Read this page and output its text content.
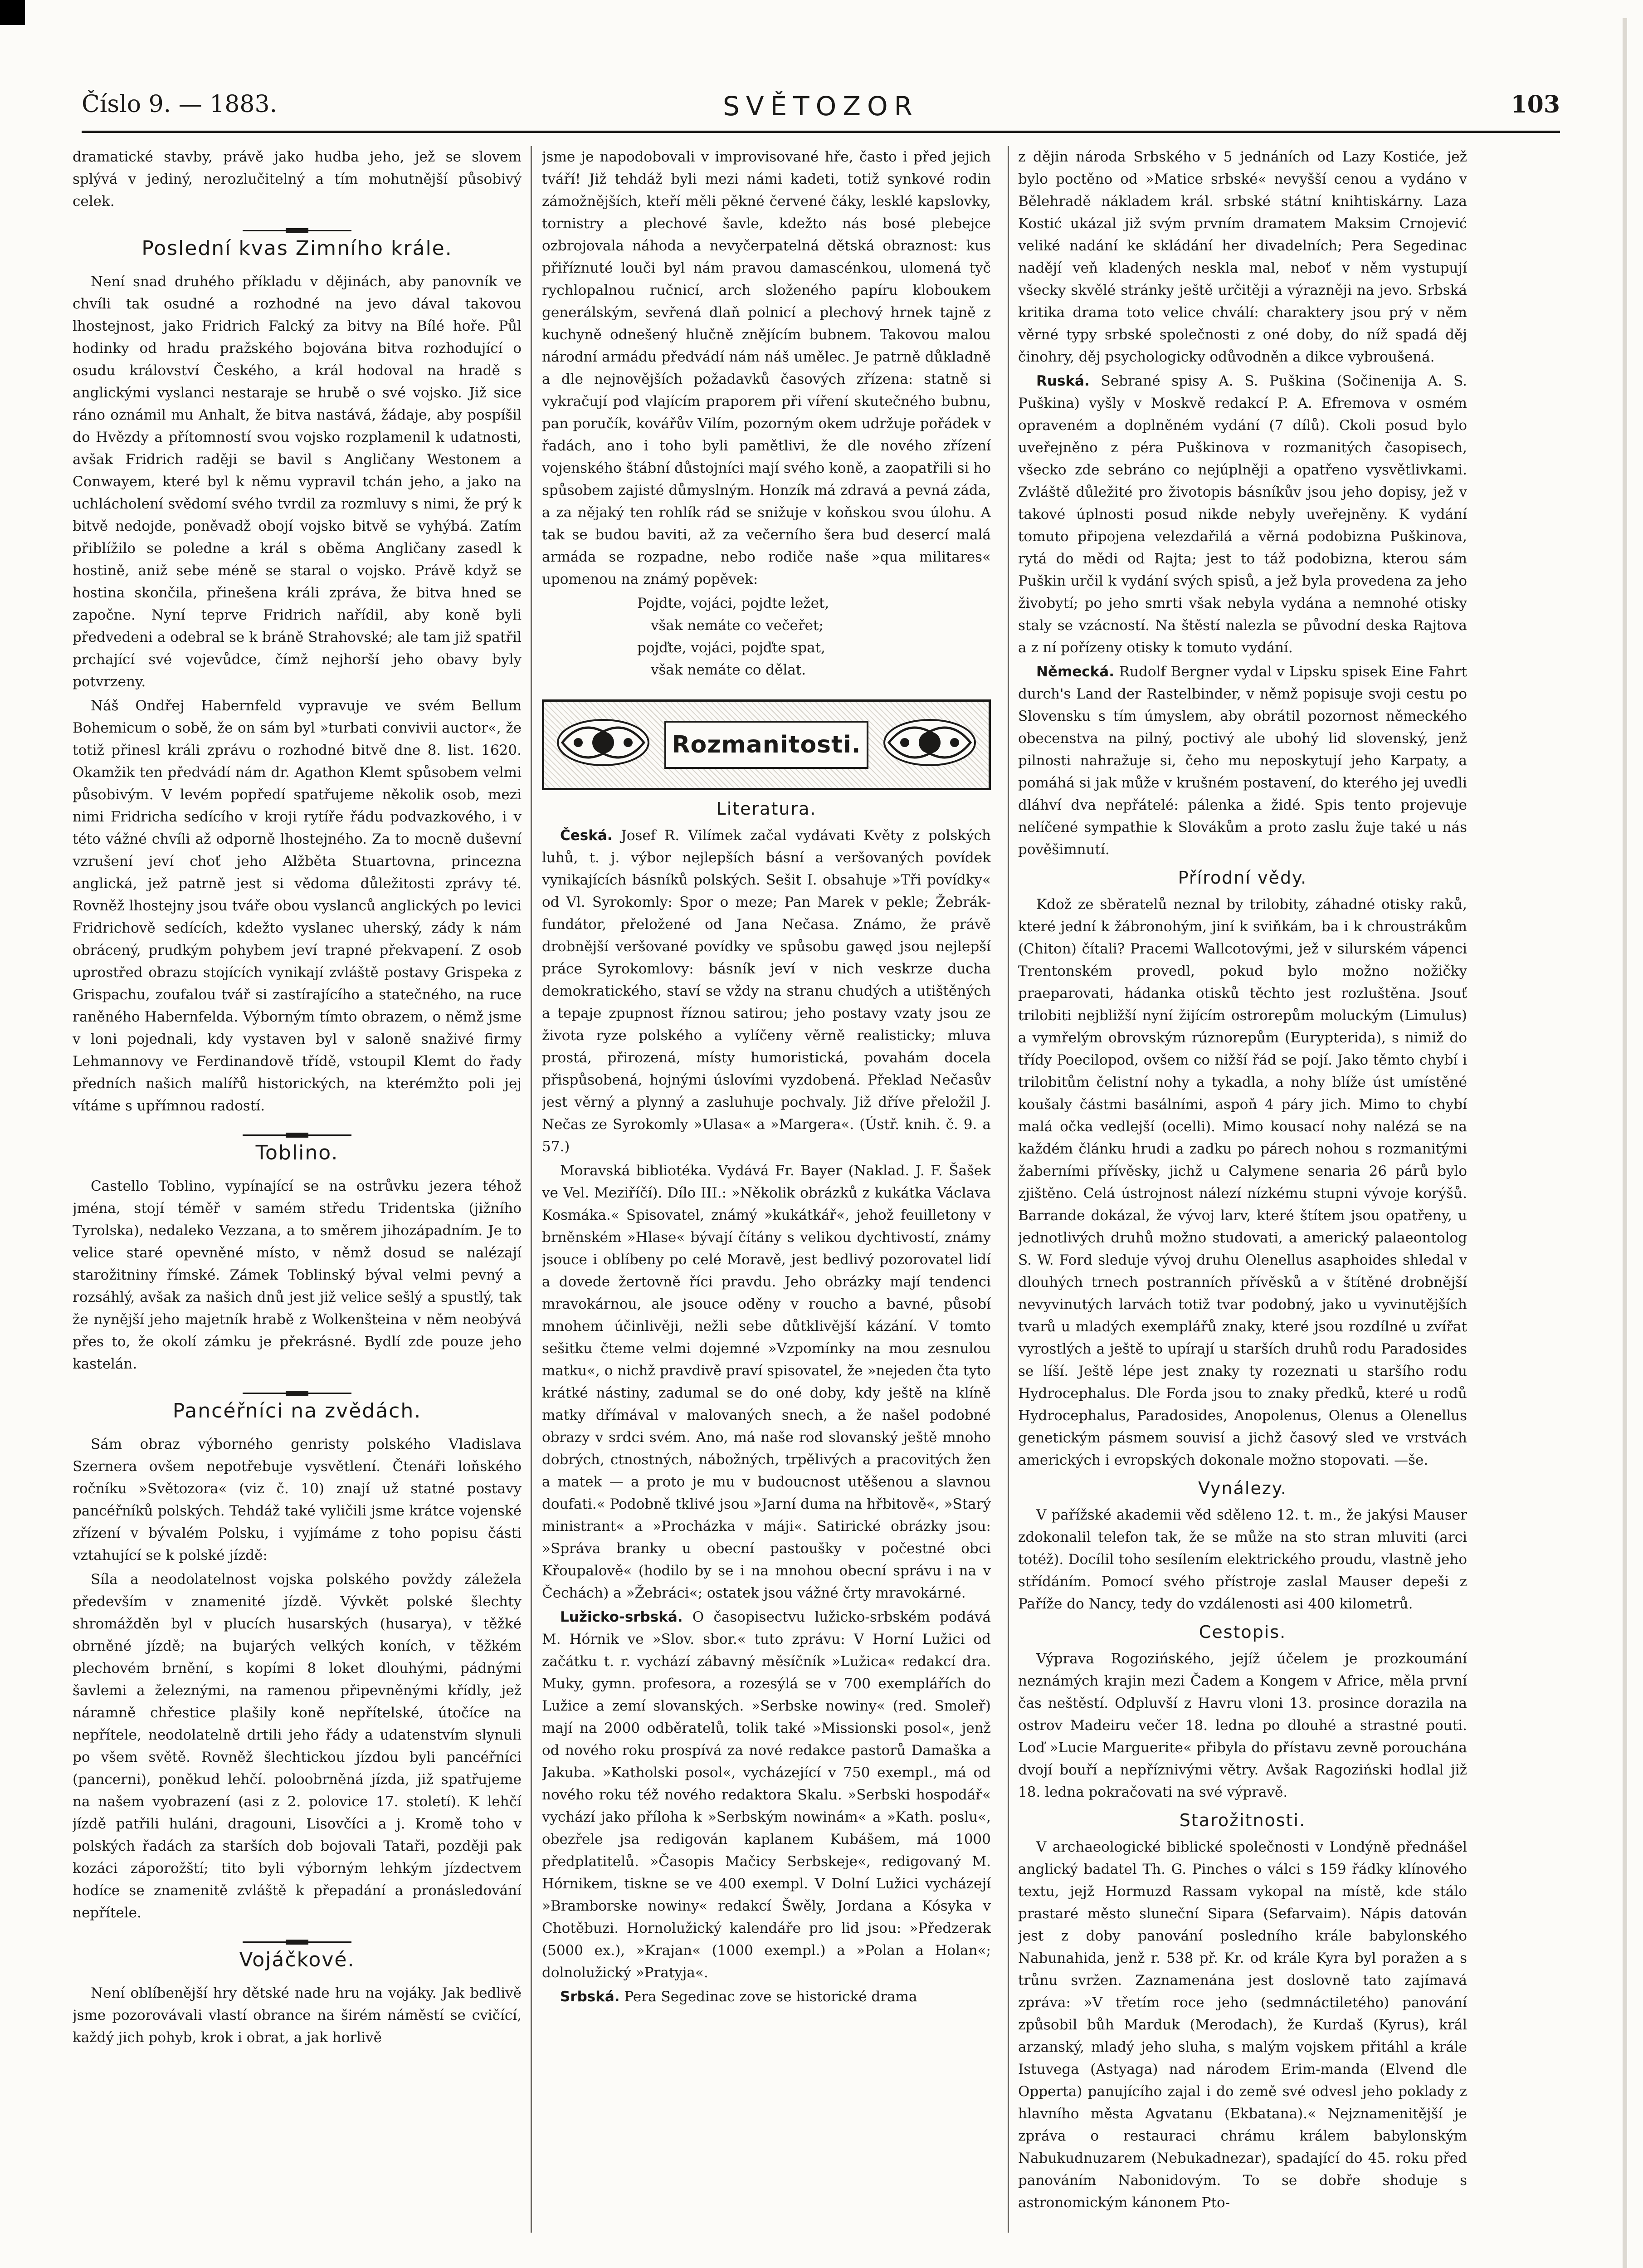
Číslo 9. — 1883.	SVĚTOZOR	103

dramatické stavby, právě jako hudba jeho, jež se slovem splývá v jediný, nerozlučitelný a tím mohutnější působivý celek.

Poslední kvas Zimního krále.

Není snad druhého příkladu v dějinách, aby panovník ve chvíli tak osudné a rozhodné na jevo dával takovou lhostejnost, jako Fridrich Falcký za bitvy na Bílé hoře. Půl hodinky od hradu pražského bojována bitva rozhodující o osudu království Českého, a král hodoval na hradě s anglickými vyslanci nestaraje se hrubě o své vojsko. Již sice ráno oznámil mu Anhalt, že bitva nastává, žádaje, aby pospíšil do Hvězdy a přítomností svou vojsko rozplamenil k udatnosti, avšak Fridrich raději se bavil s Angličany Westonem a Conwayem, které byl k němu vypravil tchán jeho, a jako na uchlácholení svědomí svého tvrdil za rozmluvy s nimi, že prý k bitvě nedojde, poněvadž obojí vojsko bitvě se vyhýbá. Zatím přiblížilo se poledne a král s oběma Angličany zasedl k hostině, aniž sebe méně se staral o vojsko. Právě když se hostina skončila, přinešena králi zpráva, že bitva hned se započne. Nyní teprve Fridrich nařídil, aby koně byli předvedeni a odebral se k bráně Strahovské; ale tam již spatřil prchající své vojevůdce, čímž nejhorší jeho obavy byly potvrzeny.

Náš Ondřej Habernfeld vypravuje ve svém Bellum Bohemicum o sobě, že on sám byl »turbati convivii auctor«, že totiž přinesl králi zprávu o rozhodné bitvě dne 8. list. 1620. Okamžik ten předvádí nám dr. Agathon Klemt spůsobem velmi působivým. V levém popředí spatřujeme několik osob, mezi nimi Fridricha sedícího v kroji rytíře řádu podvazkového, i v této vážné chvíli až odporně lhostejného. Za to mocně duševní vzrušení jeví choť jeho Alžběta Stuartovna, princezna anglická, jež patrně jest si vědoma důležitosti zprávy té. Rovněž lhostejny jsou tváře obou vyslanců anglických po levici Fridrichově sedících, kdežto vyslanec uherský, zády k nám obrácený, prudkým pohybem jeví trapné překvapení. Z osob uprostřed obrazu stojících vynikají zvláště postavy Grispeka z Grispachu, zoufalou tvář si zastírajícího a statečného, na ruce raněného Habernfelda. Výborným tímto obrazem, o němž jsme v loni pojednali, kdy vystaven byl v saloně snaživé firmy Lehmannovy ve Ferdinandově třídě, vstoupil Klemt do řady předních našich malířů historických, na kterémžto poli jej vítáme s upřímnou radostí.

Toblino.

Castello Toblino, vypínající se na ostrůvku jezera téhož jména, stojí téměř v samém středu Tridentska (jižního Tyrolska), nedaleko Vezzana, a to směrem jihozápadním. Je to velice staré opevněné místo, v němž dosud se nalézají starožitniny římské. Zámek Toblinský býval velmi pevný a rozsáhlý, avšak za našich dnů jest již velice sešlý a spustlý, tak že nynější jeho majetník hrabě z Wolkenšteina v něm neobývá přes to, že okolí zámku je překrásné. Bydlí zde pouze jeho kastelán.

Pancéřníci na zvědách.

Sám obraz výborného genristy polského Vladislava Szernera ovšem nepotřebuje vysvětlení. Čtenáři loňského ročníku »Světozora« (viz č. 10) znají už statné postavy pancéřníků polských. Tehdáž také vyličili jsme krátce vojenské zřízení v bývalém Polsku, i vyjímáme z toho popisu části vztahující se k polské jízdě:

Síla a neodolatelnost vojska polského povždy záležela především v znamenité jízdě. Vývkět polské šlechty shromážděn byl v plucích husarských (husarya), v těžké obrněné jízdě; na bujarých velkých koních, v těžkém plechovém brnění, s kopími 8 loket dlouhými, pádnými šavlemi a železnými, na ramenou připevněnými křídly, jež náramně chřestice plašily koně nepřítelské, útočíce na nepřítele, neodolatelně drtili jeho řády a udatenstvím slynuli po všem světě. Rovněž šlechtickou jízdou byli pancéřníci (pancerni), poněkud lehčí. poloobrněná jízda, již spatřujeme na našem vyobrazení (asi z 2. polovice 17. století). K lehčí jízdě patřili huláni, dragouni, Lisovčíci a j. Kromě toho v polských řadách za starších dob bojovali Tataři, později pak kozáci záporožští; tito byli výborným lehkým jízdectvem hodíce se znamenitě zvláště k přepadání a pronásledování nepřítele.

Vojáčkové.

Není oblíbenější hry dětské nade hru na vojáky. Jak bedlivě jsme pozorovávali vlastí obrance na širém náměstí se cvičící, každý jich pohyb, krok i obrat, a jak horlivě

jsme je napodobovali v improvisované hře, často i před jejich tváří! Již tehdáž byli mezi námi kadeti, totiž synkové rodin zámožnějších, kteří měli pěkné červené čáky, lesklé kapslovky, tornistry a plechové šavle, kdežto nás bosé plebejce ozbrojovala náhoda a nevyčerpatelná dětská obraznost: kus přiříznuté louči byl nám pravou damascénkou, ulomená tyč rychlopalnou ručnicí, arch složeného papíru kloboukem generálským, sevřená dlaň polnicí a plechový hrnek tajně z kuchyně odnešený hlučně znějícím bubnem. Takovou malou národní armádu předvádí nám náš umělec. Je patrně důkladně a dle nejnovějších požadavků časových zřízena: statně si vykračují pod vlajícím praporem při víření skutečného bubnu, pan poručík, kovářův Vilím, pozorným okem udržuje pořádek v řadách, ano i toho byli pamětlivi, že dle nového zřízení vojenského štábní důstojníci mají svého koně, a zaopatřili si ho spůsobem zajisté důmyslným. Honzík má zdravá a pevná záda, a za nějaký ten rohlík rád se snižuje v koňskou svou úlohu. A tak se budou baviti, až za večerního šera bud desercí malá armáda se rozpadne, nebo rodiče naše »qua militares« upomenou na známý popěvek:

Pojdte, vojáci, pojdte ležet,
však nemáte co večeřet;
pojďte, vojáci, pojďte spat,
však nemáte co dělat.
Rozmanitosti.
Literatura.

Česká. Josef R. Vilímek začal vydávati Květy z polských luhů, t. j. výbor nejlepších básní a veršovaných povídek vynikajících básníků polských. Sešit I. obsahuje »Tři povídky« od Vl. Syrokomly: Spor o meze; Pan Marek v pekle; Žebrák-fundátor, přeložené od Jana Nečasa. Známo, že právě drobnější veršované povídky ve spůsobu gawęd jsou nejlepší práce Syrokomlovy: básník jeví v nich veskrze ducha demokratického, staví se vždy na stranu chudých a utištěných a tepaje zpupnost říznou satirou; jeho postavy vzaty jsou ze života ryze polského a vylíčeny věrně realisticky; mluva prostá, přirozená, místy humoristická, povahám docela přispůsobená, hojnými úslovími vyzdobená. Překlad Nečasův jest věrný a plynný a zasluhuje pochvaly. Již dříve přeložil J. Nečas ze Syrokomly »Ulasa« a »Margera«. (Ústř. knih. č. 9. a 57.)

Moravská bibliotéka. Vydává Fr. Bayer (Naklad. J. F. Šašek ve Vel. Meziříčí). Dílo III.: »Několik obrázků z kukátka Václava Kosmáka.« Spisovatel, známý »kukátkář«, jehož feuilletony v brněnském »Hlase« bývají čítány s velikou dychtivostí, známy jsouce i oblíbeny po celé Moravě, jest bedlivý pozorovatel lidí a dovede žertovně říci pravdu. Jeho obrázky mají tendenci mravokárnou, ale jsouce oděny v roucho a bavné, působí mnohem účinlivěji, nežli sebe důtklivější kázání. V tomto sešitku čteme velmi dojemné »Vzpomínky na mou zesnulou matku«, o nichž pravdivě praví spisovatel, že »nejeden čta tyto krátké nástiny, zadumal se do oné doby, kdy ještě na klíně matky dřímával v malovaných snech, a že našel podobné obrazy v srdci svém. Ano, má naše rod slovanský ještě mnoho dobrých, ctnostných, nábožných, trpělivých a pracovitých žen a matek — a proto je mu v budoucnost utěšenou a slavnou doufati.« Podobně tklivé jsou »Jarní duma na hřbitově«, »Starý ministrant« a »Procházka v máji«. Satirické obrázky jsou: »Správa branky u obecní pastoušky v počestné obci Křoupalově« (hodilo by se i na mnohou obecní správu i na v Čechách) a »Žebráci«; ostatek jsou vážné črty mravokárné.

Lužicko-srbská. O časopisectvu lužicko-srbském podává M. Hórnik ve »Slov. sbor.« tuto zprávu: V Horní Lužici od začátku t. r. vychází zábavný měsíčník »Lužica« redakcí dra. Muky, gymn. profesora, a rozesýlá se v 700 exemplářích do Lužice a zemí slovanských. »Serbske nowiny« (red. Smoleř) mají na 2000 odběratelů, tolik také »Missionski posol«, jenž od nového roku prospívá za nové redakce pastorů Damaška a Jakuba. »Katholski posol«, vycházející v 750 exempl., má od nového roku též nového redaktora Skalu. »Serbski hospodář« vychází jako příloha k »Serbským nowinám« a »Kath. poslu«, obezřele jsa redigován kaplanem Kubášem, má 1000 předplatitelů. »Časopis Mačicy Serbskeje«, redigovaný M. Hórnikem, tiskne se ve 400 exempl. V Dolní Lužici vycházejí »Bramborske nowiny« redakcí Šwěly, Jordana a Kósyka v Chotěbuzi. Hornolužický kalendáře pro lid jsou: »Předzerak (5000 ex.), »Krajan« (1000 exempl.) a »Polan a Holan«; dolnolužický »Pratyja«.

Srbská. Pera Segedinac zove se historické drama

z dějin národa Srbského v 5 jednáních od Lazy Kostiće, jež bylo poctěno od »Matice srbské« nevyšší cenou a vydáno v Bělehradě nákladem král. srbské státní knihtiskárny. Laza Kostić ukázal již svým prvním dramatem Maksim Crnojević veliké nadání ke skládání her divadelních; Pera Segedinac nadějí veň kladených neskla mal, neboť v něm vystupují všecky skvělé stránky ještě určitěji a výrazněji na jevo. Srbská kritika drama toto velice chválí: charaktery jsou prý v něm věrné typy srbské společnosti z oné doby, do níž spadá děj činohry, děj psychologicky odůvodněn a dikce vybroušená.

Ruská. Sebrané spisy A. S. Puškina (Sočinenija A. S. Puškina) vyšly v Moskvě redakcí P. A. Efremova v osmém opraveném a doplněném vydání (7 dílů). Ckoli posud bylo uveřejněno z péra Puškinova v rozmanitých časopisech, všecko zde sebráno co nejúplněji a opatřeno vysvětlivkami. Zvláště důležité pro životopis básníkův jsou jeho dopisy, jež v takové úplnosti posud nikde nebyly uveřejněny. K vydání tomuto připojena velezdařilá a věrná podobizna Puškinova, rytá do mědi od Rajta; jest to táž podobizna, kterou sám Puškin určil k vydání svých spisů, a jež byla provedena za jeho živobytí; po jeho smrti však nebyla vydána a nemnohé otisky staly se vzácností. Na štěstí nalezla se původní deska Rajtova a z ní pořízeny otisky k tomuto vydání.

Německá. Rudolf Bergner vydal v Lipsku spisek Eine Fahrt durch's Land der Rastelbinder, v němž popisuje svoji cestu po Slovensku s tím úmyslem, aby obrátil pozornost německého obecenstva na pilný, poctivý ale ubohý lid slovenský, jenž pilnosti nahražuje si, čeho mu neposkytují jeho Karpaty, a pomáhá si jak může v krušném postavení, do kterého jej uvedli dláhví dva nepřátelé: pálenka a židé. Spis tento projevuje nelíčené sympathie k Slovákům a proto zaslu žuje také u nás pověšimnutí.

Přírodní vědy.

Kdož ze sběratelů neznal by trilobity, záhadné otisky raků, které jední k žábronohým, jiní k sviňkám, ba i k chroustrákům (Chiton) čítali? Pracemi Wallcotovými, jež v silurském vápenci Trentonském provedl, pokud bylo možno nožičky praeparovati, hádanka otisků těchto jest rozluštěna. Jsouť trilobiti nejbližší nyní žijícím ostrorepům moluckým (Limulus) a vymřelým obrovským rúznorepům (Eurypterida), s nimiž do třídy Poecilopod, ovšem co nižší řád se pojí. Jako těmto chybí i trilobitům čelistní nohy a tykadla, a nohy blíže úst umístěné koušaly částmi basálními, aspoň 4 páry jich. Mimo to chybí malá očka vedlejší (ocelli). Mimo kousací nohy nalézá se na každém článku hrudi a zadku po párech nohou s rozmanitými žaberními přívěsky, jichž u Calymene senaria 26 párů bylo zjištěno. Celá ústrojnost nálezí nízkému stupni vývoje korýšů. Barrande dokázal, že vývoj larv, které štítem jsou opatřeny, u jednotlivých druhů možno studovati, a americký palaeontolog S. W. Ford sleduje vývoj druhu Olenellus asaphoides shledal v dlouhých trnech postranních přívěsků a v štítěné drobnější nevyvinutých larvách totiž tvar podobný, jako u vyvinutějších tvarů u mladých exemplářů znaky, které jsou rozdílné u zvířat vyrostlých a ještě to upírají u starších druhů rodu Paradosides se líší. Ještě lépe jest znaky ty rozeznati u staršího rodu Hydrocephalus. Dle Forda jsou to znaky předků, které u rodů Hydrocephalus, Paradosides, Anopolenus, Olenus a Olenellus genetickým pásmem souvisí a jichž časový sled ve vrstvách amerických i evropských dokonale možno stopovati. —še.

Vynálezy.

V pařížské akademii věd sděleno 12. t. m., že jakýsi Mauser zdokonalil telefon tak, že se může na sto stran mluviti (arci totéž). Docílil toho sesílením elektrického proudu, vlastně jeho střídáním. Pomocí svého přístroje zaslal Mauser depeši z Paříže do Nancy, tedy do vzdálenosti asi 400 kilometrů.

Cestopis.

Výprava Rogozińského, jejíž účelem je prozkoumání neznámých krajin mezi Čadem a Kongem v Africe, měla první čas neštěstí. Odpluvší z Havru vloni 13. prosince dorazila na ostrov Madeiru večer 18. ledna po dlouhé a strastné pouti. Loď »Lucie Marguerite« přibyla do přístavu zevně porouchána dvojí bouří a nepříznivými větry. Avšak Ragoziński hodlal již 18. ledna pokračovati na své výpravě.

Starožitnosti.

V archaeologické biblické společnosti v Londýně přednášel anglický badatel Th. G. Pinches o válci s 159 řádky klínového textu, jejž Hormuzd Rassam vykopal na místě, kde stálo prastaré město sluneční Sipara (Sefarvaim). Nápis datován jest z doby panování posledního krále babylonského Nabunahida, jenž r. 538 př. Kr. od krále Kyra byl poražen a s trůnu svržen. Zaznamenána jest doslovně tato zajímavá zpráva: »V třetím roce jeho (sedmnáctiletého) panování způsobil bůh Marduk (Merodach), že Kurdaš (Kyrus), král arzanský, mladý jeho sluha, s malým vojskem přitáhl a krále Istuvega (Astyaga) nad národem Erim-manda (Elvend dle Opperta) panujícího zajal i do země své odvesl jeho poklady z hlavního města Agvatanu (Ekbatana).« Nejznamenitější je zpráva o restauraci chrámu králem babylonským Nabukudnuzarem (Nebukadnezar), spadající do 45. roku před panováním Nabonidovým. To se dobře shoduje s astronomickým kánonem Pto-
